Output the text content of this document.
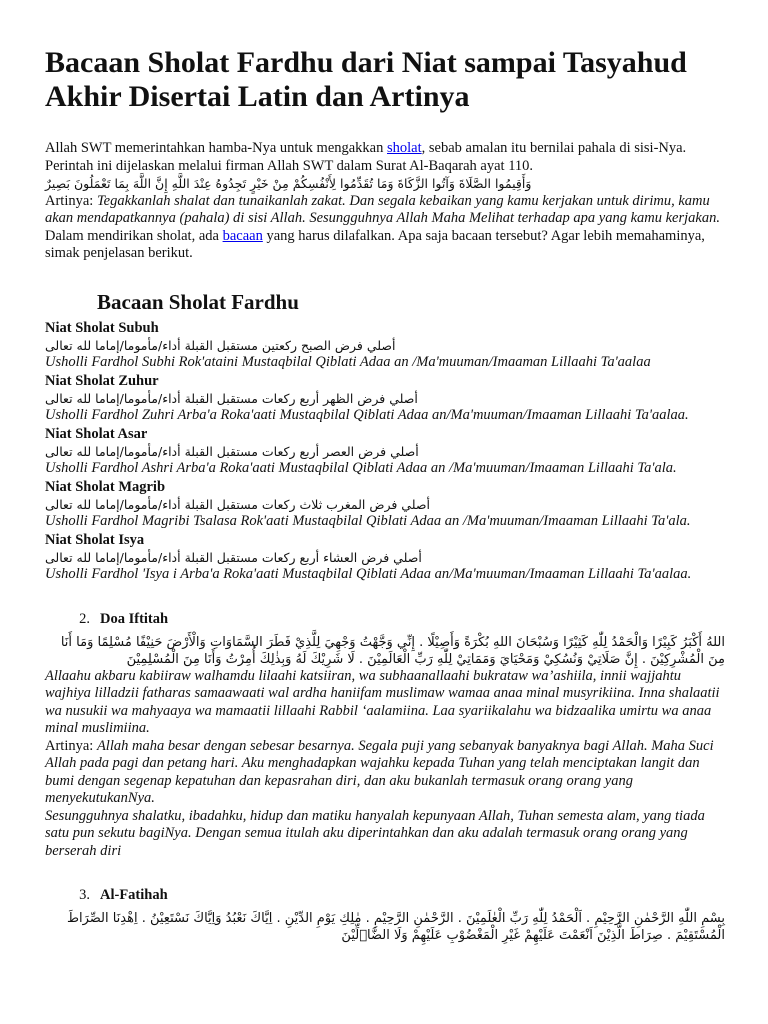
Bacaan Sholat Fardhu dari Niat sampai Tasyahud Akhir Disertai Latin dan Artinya

Allah SWT memerintahkan hamba-Nya untuk mengakkan sholat, sebab amalan itu bernilai pahala di sisi-Nya. Perintah ini dijelaskan melalui firman Allah SWT dalam Surat Al-Baqarah ayat 110.

وَأَقِيمُوا الصَّلَاةَ وَآتُوا الزَّكَاةَ وَمَا تُقَدِّمُوا لِأَنْفُسِكُمْ مِنْ خَيْرٍ تَجِدُوهُ عِنْدَ اللَّهِ إِنَّ اللَّهَ بِمَا تَعْمَلُونَ بَصِيرٌ

Artinya: Tegakkanlah shalat dan tunaikanlah zakat. Dan segala kebaikan yang kamu kerjakan untuk dirimu, kamu akan mendapatkannya (pahala) di sisi Allah. Sesungguhnya Allah Maha Melihat terhadap apa yang kamu kerjakan.

Dalam mendirikan sholat, ada bacaan yang harus dilafalkan. Apa saja bacaan tersebut? Agar lebih memahaminya, simak penjelasan berikut.

Bacaan Sholat Fardhu

Niat Sholat Subuh

أصلي فرض الصبح ركعتين مستقبل القبلة أداء/مأموما/إماما لله تعالى

Usholli Fardhol Subhi Rok'ataini Mustaqbilal Qiblati Adaa an /Ma'muuman/Imaaman Lillaahi Ta'aalaa

Niat Sholat Zuhur

أصلي فرض الظهر أربع ركعات مستقبل القبلة أداء/مأموما/إماما لله تعالى

Usholli Fardhol Zuhri Arba'a Roka'aati Mustaqbilal Qiblati Adaa an/Ma'muuman/Imaaman Lillaahi Ta'aalaa.

Niat Sholat Asar

أصلي فرض العصر أربع ركعات مستقبل القبلة أداء/مأموما/إماما لله تعالى

Usholli Fardhol Ashri Arba'a Roka'aati Mustaqbilal Qiblati Adaa an /Ma'muuman/Imaaman Lillaahi Ta'ala.

Niat Sholat Magrib

أصلي فرض المغرب ثلاث ركعات مستقبل القبلة أداء/مأموما/إماما لله تعالى

Usholli Fardhol Magribi Tsalasa Rok'aati Mustaqbilal Qiblati Adaa an /Ma'muuman/Imaaman Lillaahi Ta'ala.

Niat Sholat Isya

أصلي فرض العشاء أربع ركعات مستقبل القبلة أداء/مأموما/إماما لله تعالى

Usholli Fardhol 'Isya i Arba'a Roka'aati Mustaqbilal Qiblati Adaa an/Ma'muuman/Imaaman Lillaahi Ta'aalaa.

2. Doa Iftitah

اللهُ أَكْبَرُ كَبِيْرًا وَالْحَمْدُ لِلّٰهِ كَثِيْرًا وَسُبْحَانَ اللهِ بُكْرَةً وَأَصِيْلًا . إِنِّي وَجَّهْتُ وَجْهِيَ لِلَّذِيْ فَطَرَ السَّمَاوَاتِ وَالْأَرْضَ حَنِيْفًا مُسْلِمًا وَمَا أَنَا مِنَ الْمُشْرِكِيْنَ . إِنَّ صَلَاتِيْ وَنُسُكِيْ وَمَحْيَايَ وَمَمَاتِيْ لِلّٰهِ رَبِّ الْعَالَمِيْنَ . لَا شَرِيْكَ لَهُ وَبِذٰلِكَ أُمِرْتُ وَأَنَا مِنَ الْمُسْلِمِيْنَ

Allaahu akbaru kabiiraw walhamdu lilaahi katsiiran, wa subhaanallaahi bukrataw wa’ashiila, innii wajjahtu wajhiya lilladzii fatharas samaawaati wal ardha haniifam muslimaw wamaa anaa minal musyrikiina. Inna shalaatii wa nusukii wa mahyaaya wa mamaatii lillaahi Rabbil ‘aalamiina. Laa syariikalahu wa bidzaalika umirtu wa anaa minal muslimiina.

Artinya: Allah maha besar dengan sebesar besarnya. Segala puji yang sebanyak banyaknya bagi Allah. Maha Suci Allah pada pagi dan petang hari. Aku menghadapkan wajahku kepada Tuhan yang telah menciptakan langit dan bumi dengan segenap kepatuhan dan kepasrahan diri, dan aku bukanlah termasuk orang orang yang menyekutukanNya.

Sesungguhnya shalatku, ibadahku, hidup dan matiku hanyalah kepunyaan Allah, Tuhan semesta alam, yang tiada satu pun sekutu bagiNya. Dengan semua itulah aku diperintahkan dan aku adalah termasuk orang orang yang berserah diri

3. Al-Fatihah

بِسْمِ اللّٰهِ الرَّحْمٰنِ الرَّحِيْمِ . اَلْحَمْدُ لِلّٰهِ رَبِّ الْعٰلَمِيْنَ . الرَّحْمٰنِ الرَّحِيْمِ . مٰلِكِ يَوْمِ الدِّيْنِ . اِيَّاكَ نَعْبُدُ وَاِيَّاكَ نَسْتَعِيْنُ . اِهْدِنَا الصِّرَاطَ الْمُسْتَقِيْمَ . صِرَاطَ الَّذِيْنَ اَنْعَمْتَ عَلَيْهِمْ غَيْرِ الْمَغْضُوْبِ عَلَيْهِمْ وَلَا الضَّاۤلِّيْنَ
